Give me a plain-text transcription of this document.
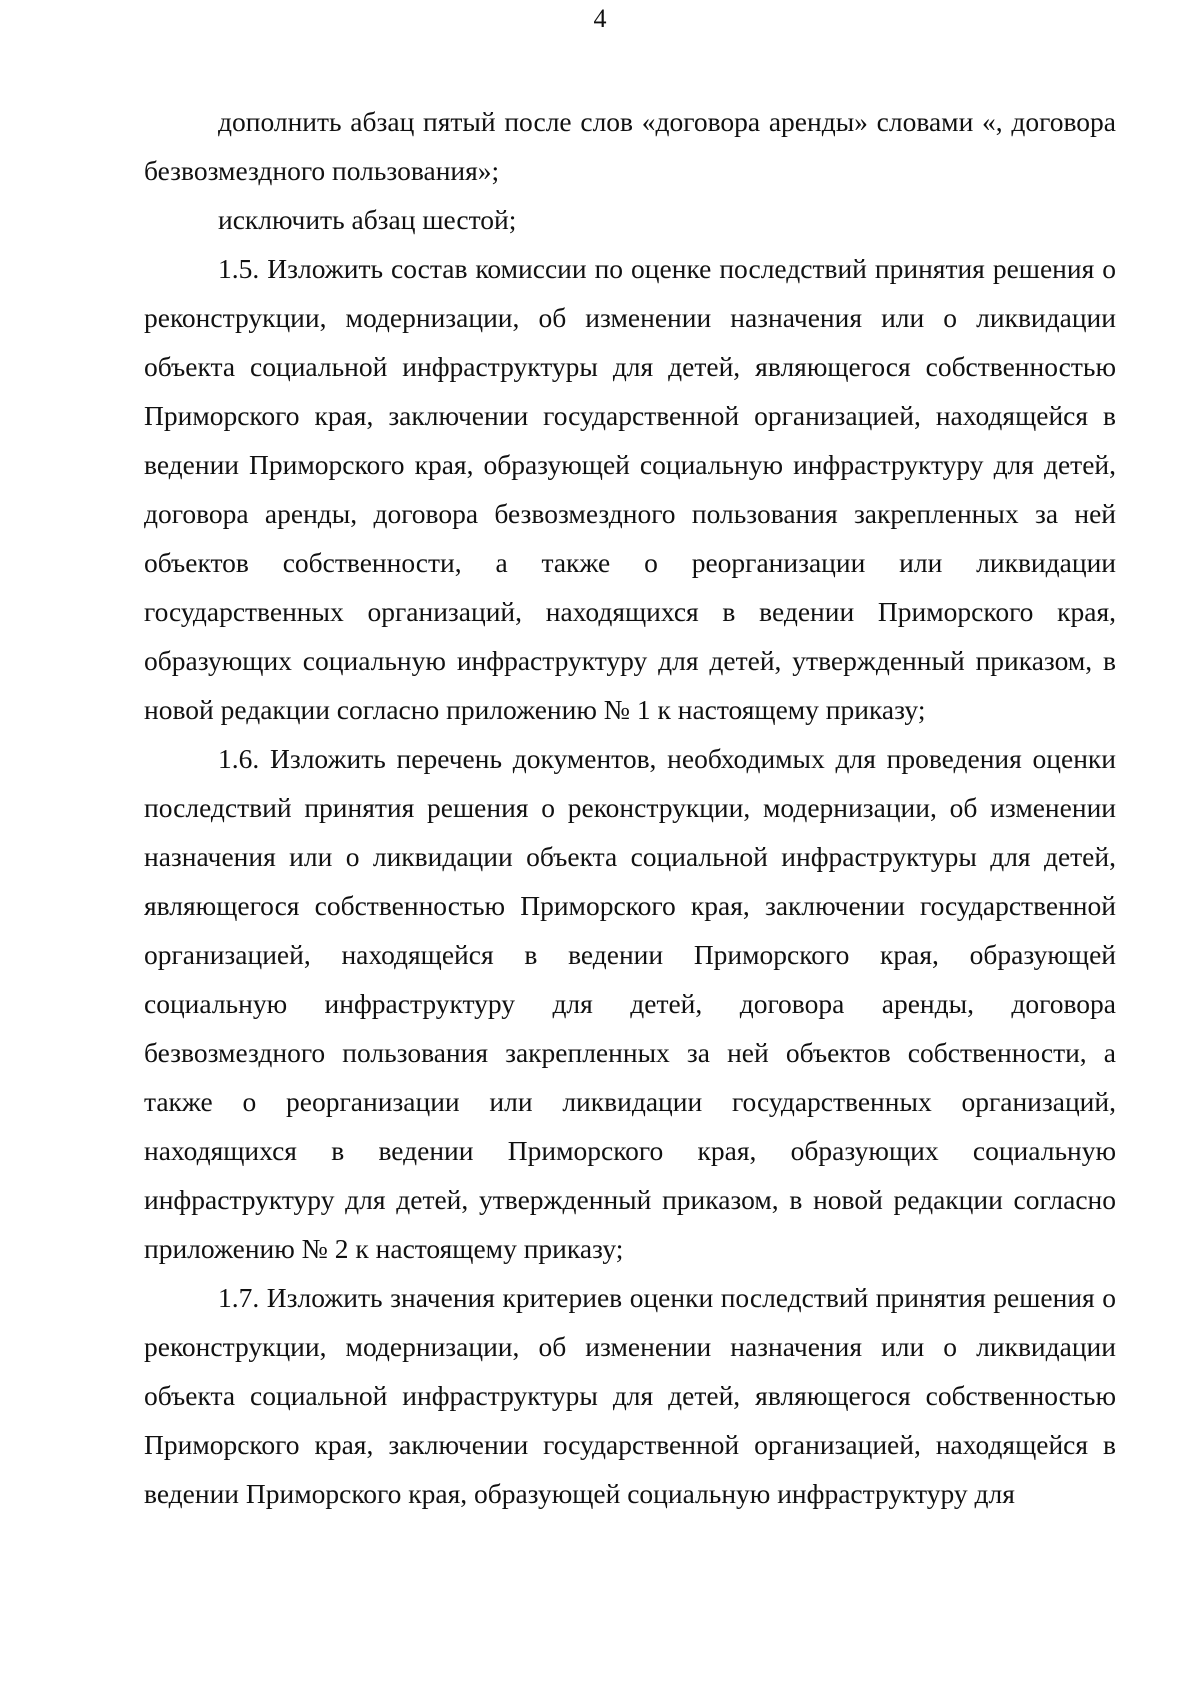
4

дополнить абзац пятый после слов «договора аренды» словами «, договора безвозмездного пользования»;

исключить абзац шестой;

1.5. Изложить состав комиссии по оценке последствий принятия решения о реконструкции, модернизации, об изменении назначения или о ликвидации объекта социальной инфраструктуры для детей, являющегося собственностью Приморского края, заключении государственной организацией, находящейся в ведении Приморского края, образующей социальную инфраструктуру для детей, договора аренды, договора безвозмездного пользования закрепленных за ней объектов собственности, а также о реорганизации или ликвидации государственных организаций, находящихся в ведении Приморского края, образующих социальную инфраструктуру для детей, утвержденный приказом, в новой редакции согласно приложению № 1 к настоящему приказу;

1.6. Изложить перечень документов, необходимых для проведения оценки последствий принятия решения о реконструкции, модернизации, об изменении назначения или о ликвидации объекта социальной инфраструктуры для детей, являющегося собственностью Приморского края, заключении государственной организацией, находящейся в ведении Приморского края, образующей социальную инфраструктуру для детей, договора аренды, договора безвозмездного пользования закрепленных за ней объектов собственности, а также о реорганизации или ликвидации государственных организаций, находящихся в ведении Приморского края, образующих социальную инфраструктуру для детей, утвержденный приказом, в новой редакции согласно приложению № 2 к настоящему приказу;

1.7. Изложить значения критериев оценки последствий принятия решения о реконструкции, модернизации, об изменении назначения или о ликвидации объекта социальной инфраструктуры для детей, являющегося собственностью Приморского края, заключении государственной организацией, находящейся в ведении Приморского края, образующей социальную инфраструктуру для
